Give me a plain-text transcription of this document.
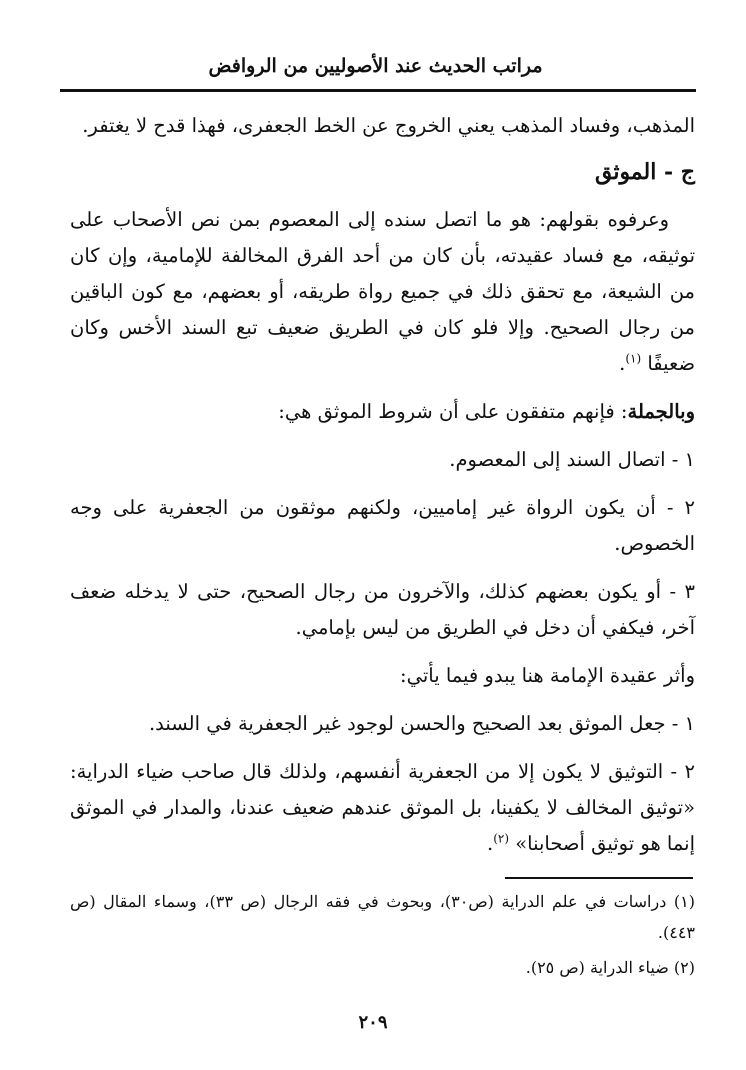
مراتب الحديث عند الأصوليين من الروافض

المذهب، وفساد المذهب يعني الخروج عن الخط الجعفرى، فهذا قدح لا يغتفر.

ج - الموثق

وعرفوه بقولهم: هو ما اتصل سنده إلى المعصوم بمن نص الأصحاب على توثيقه، مع فساد عقيدته، بأن كان من أحد الفرق المخالفة للإمامية، وإن كان من الشيعة، مع تحقق ذلك في جميع رواة طريقه، أو بعضهم، مع كون الباقين من رجال الصحيح. وإلا فلو كان في الطريق ضعيف تبع السند الأخس وكان ضعيفًا $^{(١)}$.

وبالجملة: فإنهم متفقون على أن شروط الموثق هي:

١ - اتصال السند إلى المعصوم.

٢ - أن يكون الرواة غير إماميين، ولكنهم موثقون من الجعفرية على وجه الخصوص.

٣ - أو يكون بعضهم كذلك، والآخرون من رجال الصحيح، حتى لا يدخله ضعف آخر، فيكفي أن دخل في الطريق من ليس بإمامي.

وأثر عقيدة الإمامة هنا يبدو فيما يأتي:

١ - جعل الموثق بعد الصحيح والحسن لوجود غير الجعفرية في السند.

٢ - التوثيق لا يكون إلا من الجعفرية أنفسهم، ولذلك قال صاحب ضياء الدراية: «توثيق المخالف لا يكفينا، بل الموثق عندهم ضعيف عندنا، والمدار في الموثق إنما هو توثيق أصحابنا» $^{(٢)}$.

(١) دراسات في علم الدراية (ص٣٠)، وبحوث في فقه الرجال (ص ٣٣)، وسماء المقال (ص ٤٤٣).

(٢) ضياء الدراية (ص ٢٥).

٢٠٩
